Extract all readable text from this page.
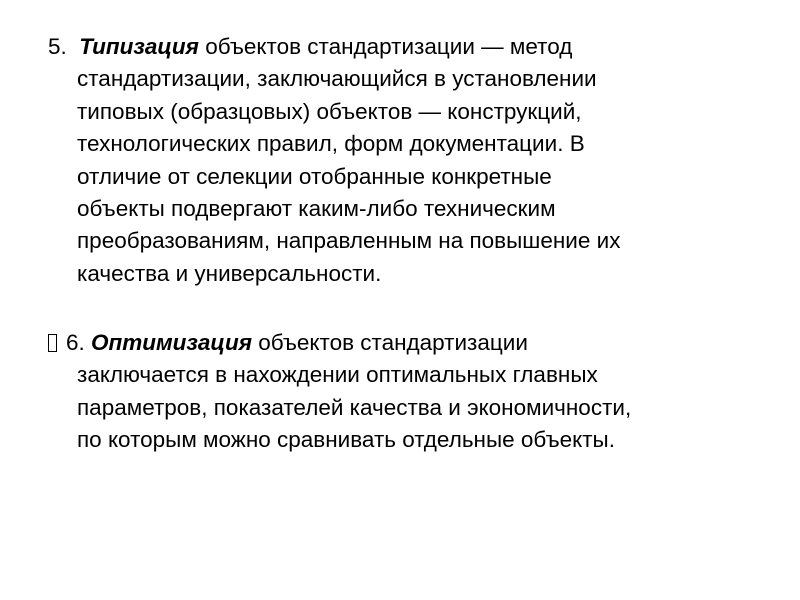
5. Типизация объектов стандартизации — метод
стандартизации, заключающийся в установлении
типовых (образцовых) объектов — конструкций,
технологических правил, форм документации. В
отличие от селекции отобранные конкретные
объекты подвергают каким-либо техническим
преобразованиям, направленным на повышение их
качества и универсальности.
6. Оптимизация объектов стандартизации
заключается в нахождении оптимальных главных
параметров, показателей качества и экономичности,
по которым можно сравнивать отдельные объекты.
